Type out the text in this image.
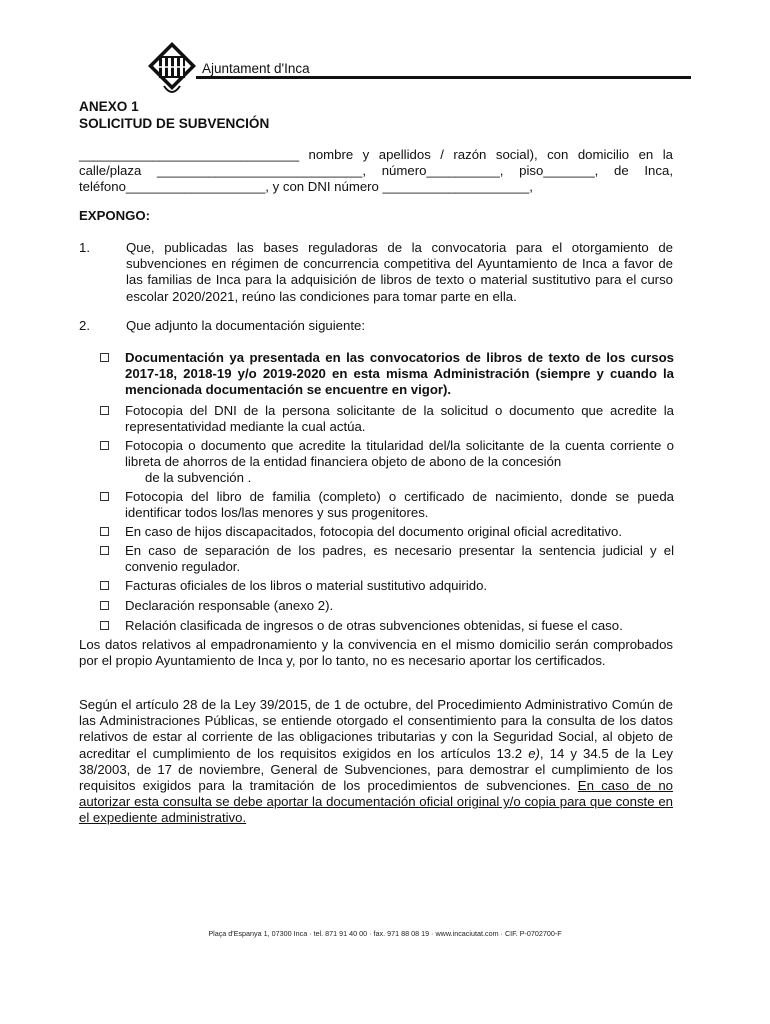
Ajuntament d'Inca
ANEXO 1
SOLICITUD DE SUBVENCIÓN
______________________________ nombre y apellidos / razón social), con domicilio en la calle/plaza ____________________________, número__________, piso_______, de Inca, teléfono___________________, y con DNI número ____________________,
EXPONGO:
1.	Que, publicadas las bases reguladoras de la convocatoria para el otorgamiento de subvenciones en régimen de concurrencia competitiva del Ayuntamiento de Inca a favor de las familias de Inca para la adquisición de libros de texto o material sustitutivo para el curso escolar 2020/2021, reúno las condiciones para tomar parte en ella.
2.	Que adjunto la documentación siguiente:
Documentación ya presentada en las convocatorios de libros de texto de los cursos 2017-18, 2018-19 y/o 2019-2020 en esta misma Administración (siempre y cuando la mencionada documentación se encuentre en vigor).
Fotocopia del DNI de la persona solicitante de la solicitud o documento que acredite la representatividad mediante la cual actúa.
Fotocopia o documento que acredite la titularidad del/la solicitante de la cuenta corriente o libreta de ahorros de la entidad financiera objeto de abono de la concesión
de la subvención .
Fotocopia del libro de familia (completo) o certificado de nacimiento, donde se pueda identificar todos los/las menores y sus progenitores.
En caso de hijos discapacitados, fotocopia del documento original oficial acreditativo.
En caso de separación de los padres, es necesario presentar la sentencia judicial y el convenio regulador.
Facturas oficiales de los libros o material sustitutivo adquirido.
Declaración responsable (anexo 2).
Relación clasificada de ingresos o de otras subvenciones obtenidas, si fuese el caso.
Los datos relativos al empadronamiento y la convivencia en el mismo domicilio serán comprobados por el propio Ayuntamiento de Inca y, por lo tanto, no es necesario aportar los certificados.
Según el artículo 28 de la Ley 39/2015, de 1 de octubre, del Procedimiento Administrativo Común de las Administraciones Públicas, se entiende otorgado el consentimiento para la consulta de los datos relativos de estar al corriente de las obligaciones tributarias y con la Seguridad Social, al objeto de acreditar el cumplimiento de los requisitos exigidos en los artículos 13.2 e), 14 y 34.5 de la Ley 38/2003, de 17 de noviembre, General de Subvenciones, para demostrar el cumplimiento de los requisitos exigidos para la tramitación de los procedimientos de subvenciones. En caso de no autorizar esta consulta se debe aportar la documentación oficial original y/o copia para que conste en el expediente administrativo.
Plaça d'Espanya 1, 07300 Inca · tel. 871 91 40 00 · fax. 971 88 08 19 · www.incaciutat.com · CIF. P-0702700-F
